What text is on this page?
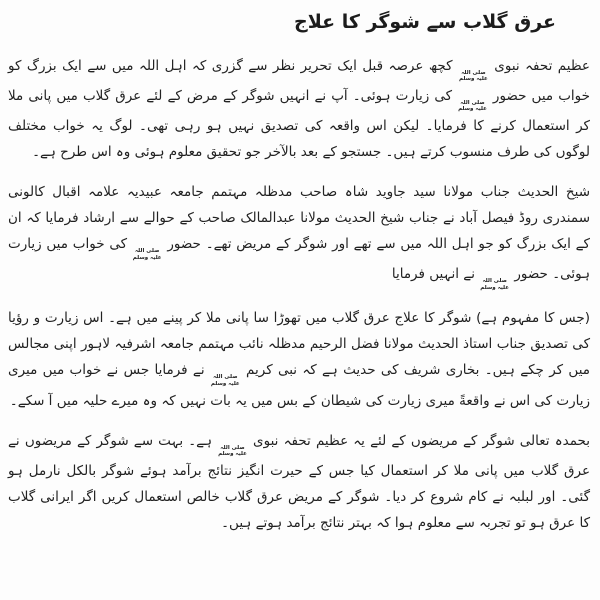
عرق گلاب سے شوگر کا علاج

عظیم تحفہ نبوی
صلی اللہ
علیہ وسلم
کچھ عرصہ قبل ایک تحریر نظر سے گزری کہ اہل اللہ میں سے ایک بزرگ کو خواب میں حضور
صلی اللہ
علیہ وسلم
کی زیارت ہوئی۔ آپ نے انہیں شوگر کے مرض کے لئے عرق گلاب میں پانی ملا کر استعمال کرنے کا فرمایا۔ لیکن اس واقعہ کی تصدیق نہیں ہو رہی تھی۔ لوگ یہ خواب مختلف لوگوں کی طرف منسوب کرتے ہیں۔ جستجو کے بعد بالآخر جو تحقیق معلوم ہوئی وہ اس طرح ہے۔

شیخ الحدیث جناب مولانا سید جاوید شاہ صاحب مدظلہ مہتمم جامعہ عبیدیہ علامہ اقبال کالونی سمندری روڈ فیصل آباد نے جناب شیخ الحدیث مولانا عبدالمالک صاحب کے حوالے سے ارشاد فرمایا کہ ان کے ایک بزرگ کو جو اہل اللہ میں سے تھے اور شوگر کے مریض تھے۔ حضور
صلی اللہ
علیہ وسلم
کی خواب میں زیارت ہوئی۔ حضور
صلی اللہ
علیہ وسلم
نے انہیں فرمایا

(جس کا مفہوم ہے) شوگر کا علاج عرق گلاب میں تھوڑا سا پانی ملا کر پینے میں ہے۔ اس زیارت و رؤیا کی تصدیق جناب استاذ الحدیث مولانا فضل الرحیم مدظلہ نائب مہتمم جامعہ اشرفیہ لاہور اپنی مجالس میں کر چکے ہیں۔ بخاری شریف کی حدیث ہے کہ نبی کریم
صلی اللہ
علیہ وسلم
نے فرمایا جس نے خواب میں میری زیارت کی اس نے واقعةً میری زیارت کی شیطان کے بس میں یہ بات نہیں کہ وہ میرے حلیہ میں آ سکے۔

بحمدہ تعالی شوگر کے مریضوں کے لئے یہ عظیم تحفہ نبوی
صلی اللہ
علیہ وسلم
ہے۔ بہت سے شوگر کے مریضوں نے عرق گلاب میں پانی ملا کر استعمال کیا جس کے حیرت انگیز نتائج برآمد ہوئے شوگر بالکل نارمل ہو گئی۔ اور لبلبہ نے کام شروع کر دیا۔ شوگر کے مریض عرق گلاب خالص استعمال کریں اگر ایرانی گلاب کا عرق ہو تو تجربہ سے معلوم ہوا کہ بہتر نتائج برآمد ہوتے ہیں۔
